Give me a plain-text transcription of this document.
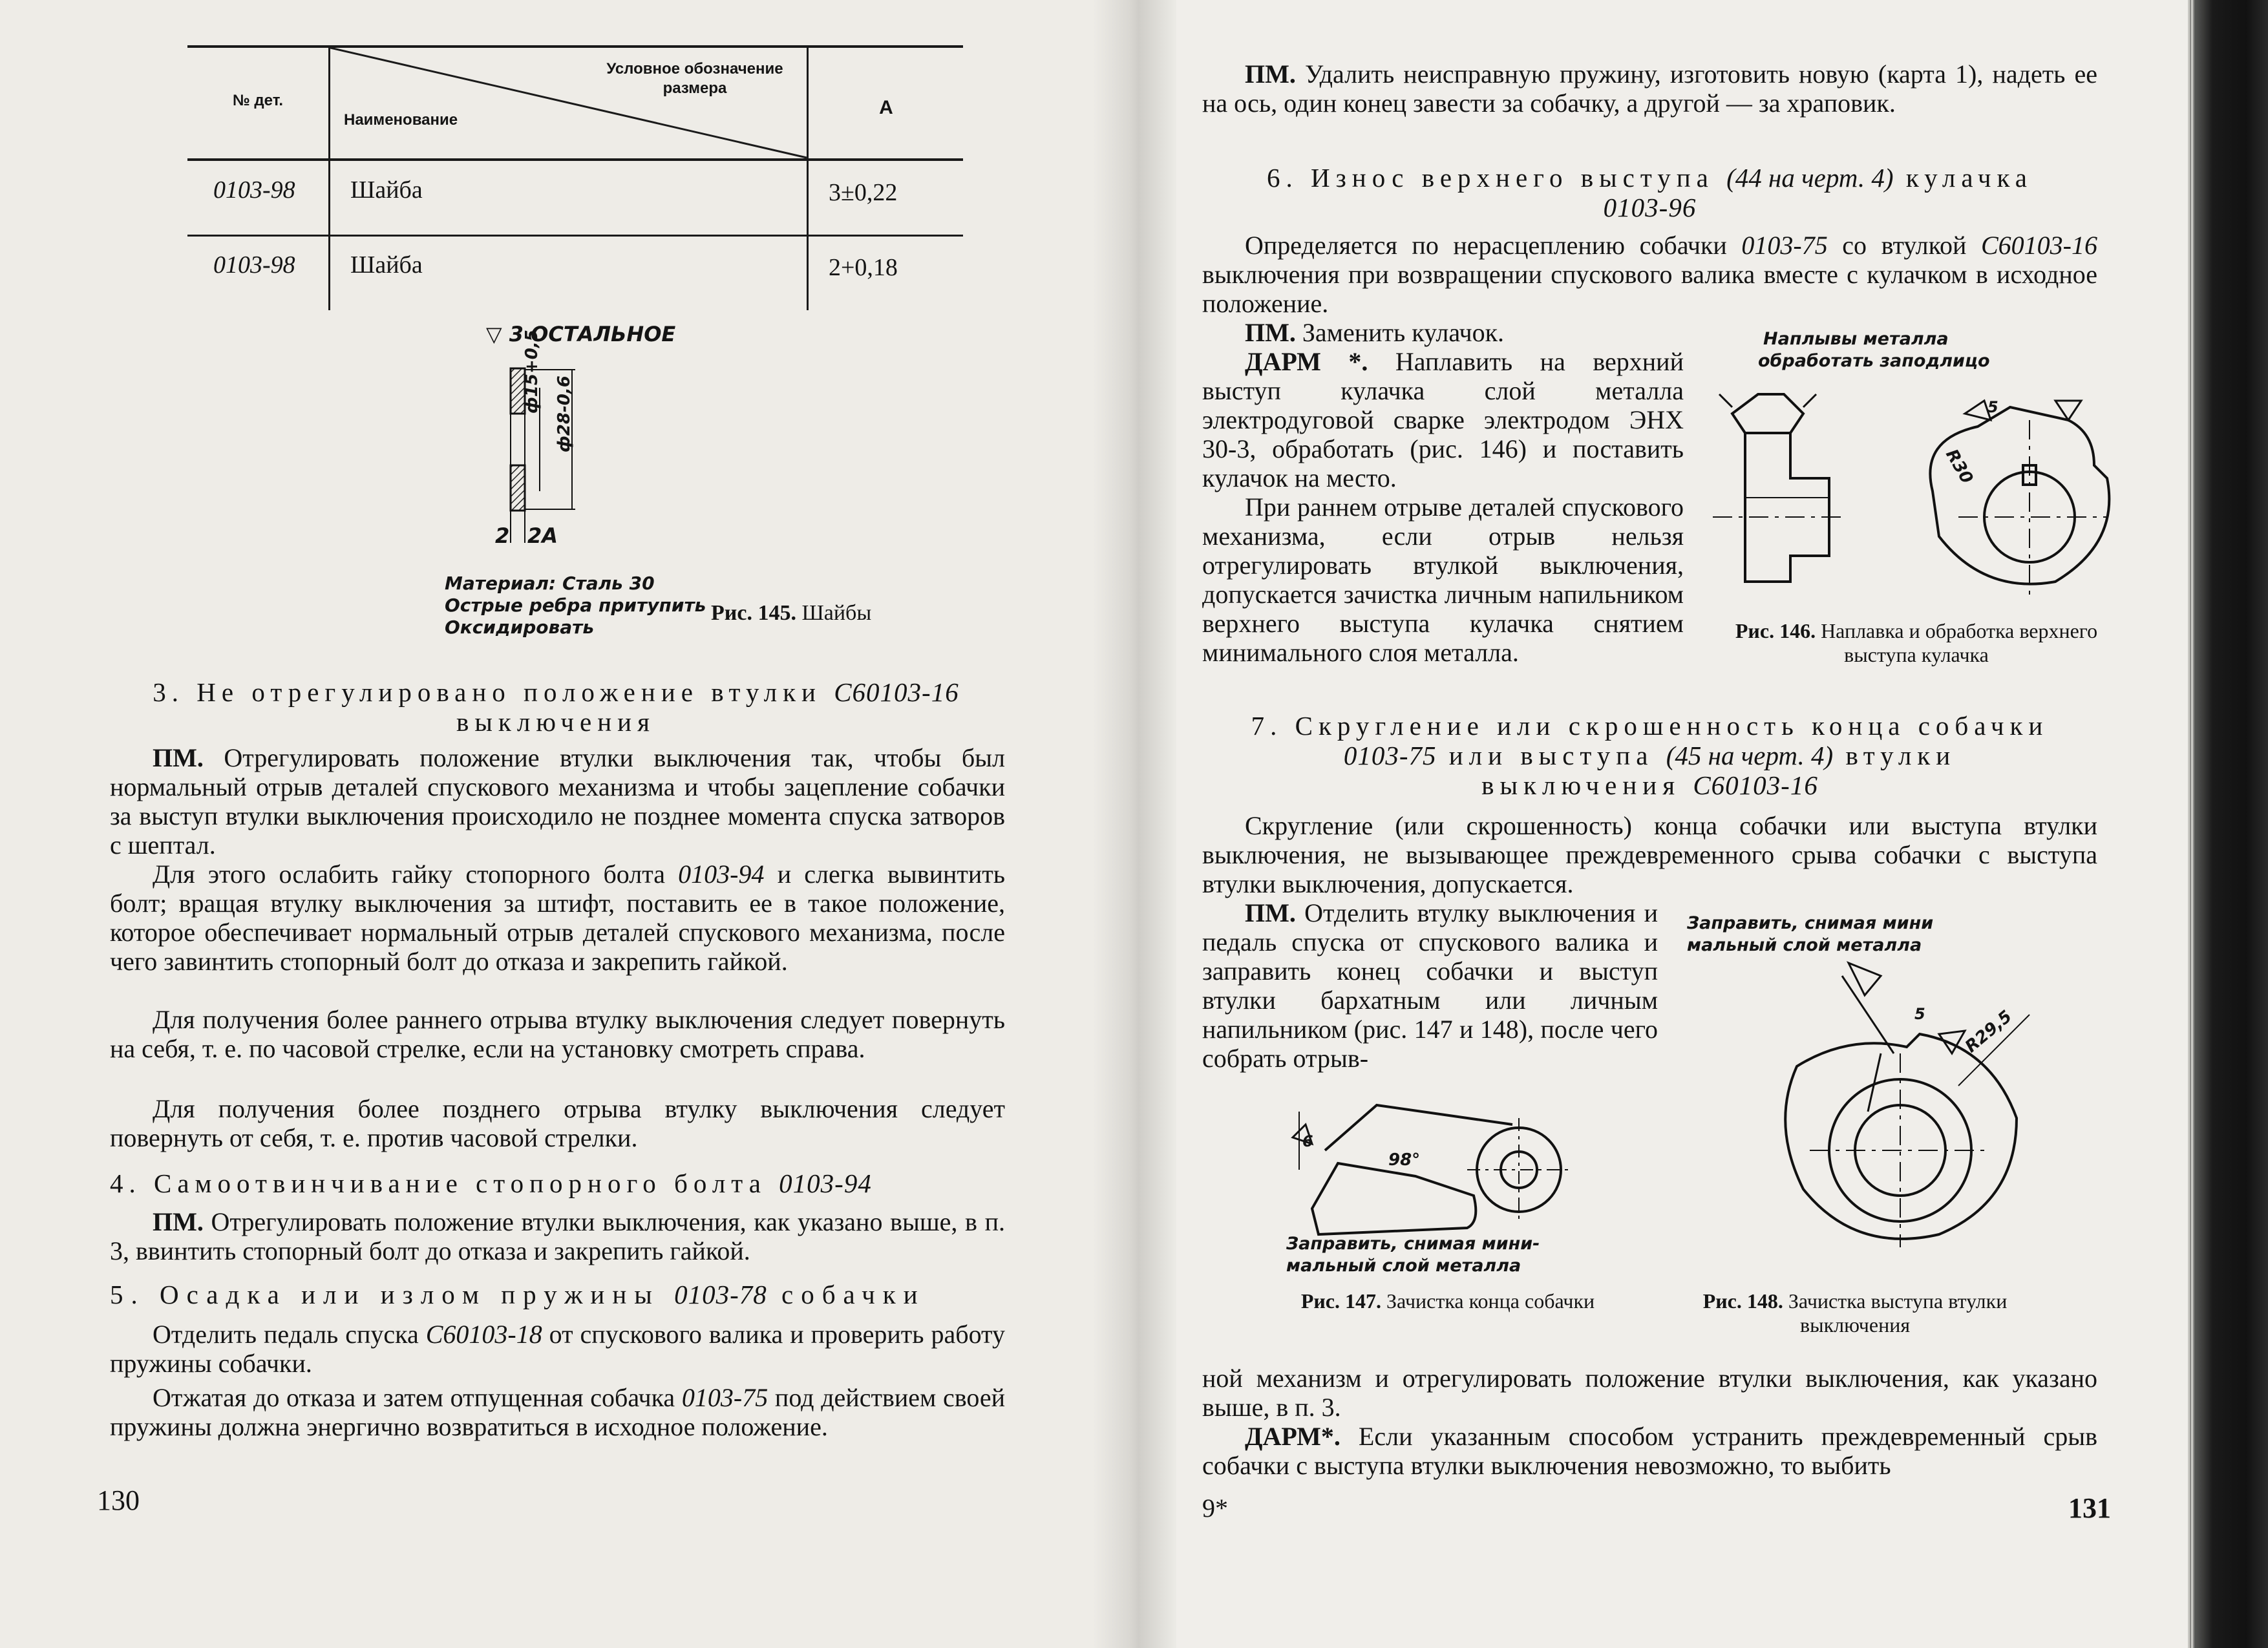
№ дет.
Наименование
Условное обозначение размера
А
0103-98 Шайба	3±0,22
0103-98 Шайба	2+0,18
▽ 3 ОСТАЛЬНОЕ
ф15+0,5
ф28-0,6
2 2А
Материал: Сталь 30
Острые ребра притупить
Оксидировать
Рис. 145. Шайбы
3. Не отрегулировано положение втулки С60103-16
выключения
ПМ. Отрегулировать положение втулки выключения так, чтобы был нормальный отрыв деталей спускового механизма и чтобы зацепление собачки за выступ втулки выключения происходило не позднее момента спуска затворов с шептал.
Для этого ослабить гайку стопорного болта 0103-94 и слегка вывинтить болт; вращая втулку выключения за штифт, поставить ее в такое положение, которое обеспечивает нормальный отрыв деталей спускового механизма, после чего завинтить стопорный болт до отказа и закрепить гайкой.
Для получения более раннего отрыва втулку выключения следует повернуть на себя, т. е. по часовой стрелке, если на установку смотреть справа.
Для получения более позднего отрыва втулку выключения следует повернуть от себя, т. е. против часовой стрелки.
4. Самоотвинчивание стопорного болта 0103-94
ПМ. Отрегулировать положение втулки выключения, как указано выше, в п. 3, ввинтить стопорный болт до отказа и закрепить гайкой.
5. Осадка или излом пружины 0103-78 собачки
Отделить педаль спуска С60103-18 от спускового валика и проверить работу пружины собачки.
Отжатая до отказа и затем отпущенная собачка 0103-75 под действием своей пружины должна энергично возвратиться в исходное положение.
130
ПМ. Удалить неисправную пружину, изготовить новую (карта 1), надеть ее на ось, один конец завести за собачку, а другой — за храповик.
6. Износ верхнего выступа (44 на черт. 4) кулачка
0103-96
Определяется по нерасцеплению собачки 0103-75 со втулкой С60103-16 выключения при возвращении спускового валика вместе с кулачком в исходное положение.
ПМ. Заменить кулачок.
ДАРМ *. Наплавить на верхний выступ кулачка слой металла электродуговой сварке электродом ЭНХ 30-3, обработать (рис. 146) и поставить кулачок на место.
При раннем отрыве деталей спускового механизма, если отрыв нельзя отрегулировать втулкой выключения, допускается зачистка личным напильником верхнего выступа кулачка снятием минимального слоя металла.
Наплывы металла
обработать заподлицо
R30
5
Рис. 146. Наплавка и обработка верхнего выступа кулачка
7. Скругление или скрошенность конца собачки
0103-75 или выступа (45 на черт. 4) втулки
выключения С60103-16
Скругление (или скрошенность) конца собачки или выступа втулки выключения, не вызывающее преждевременного срыва собачки с выступа втулки выключения, допускается.
ПМ. Отделить втулку выключения и педаль спуска от спускового валика и заправить конец собачки и выступ втулки бархатным или личным напильником (рис. 147 и 148), после чего собрать отрыв-
98°
6
Заправить, снимая мини-
мальный слой металла
Рис. 147. Зачистка конца собачки
Заправить, снимая мини
мальный слой металла
R29,5
5
Рис. 148. Зачистка выступа втулки выключения
ной механизм и отрегулировать положение втулки выключения, как указано выше, в п. 3.
ДАРМ*. Если указанным способом устранить преждевременный срыв собачки с выступа втулки выключения невозможно, то выбить
9*	131
